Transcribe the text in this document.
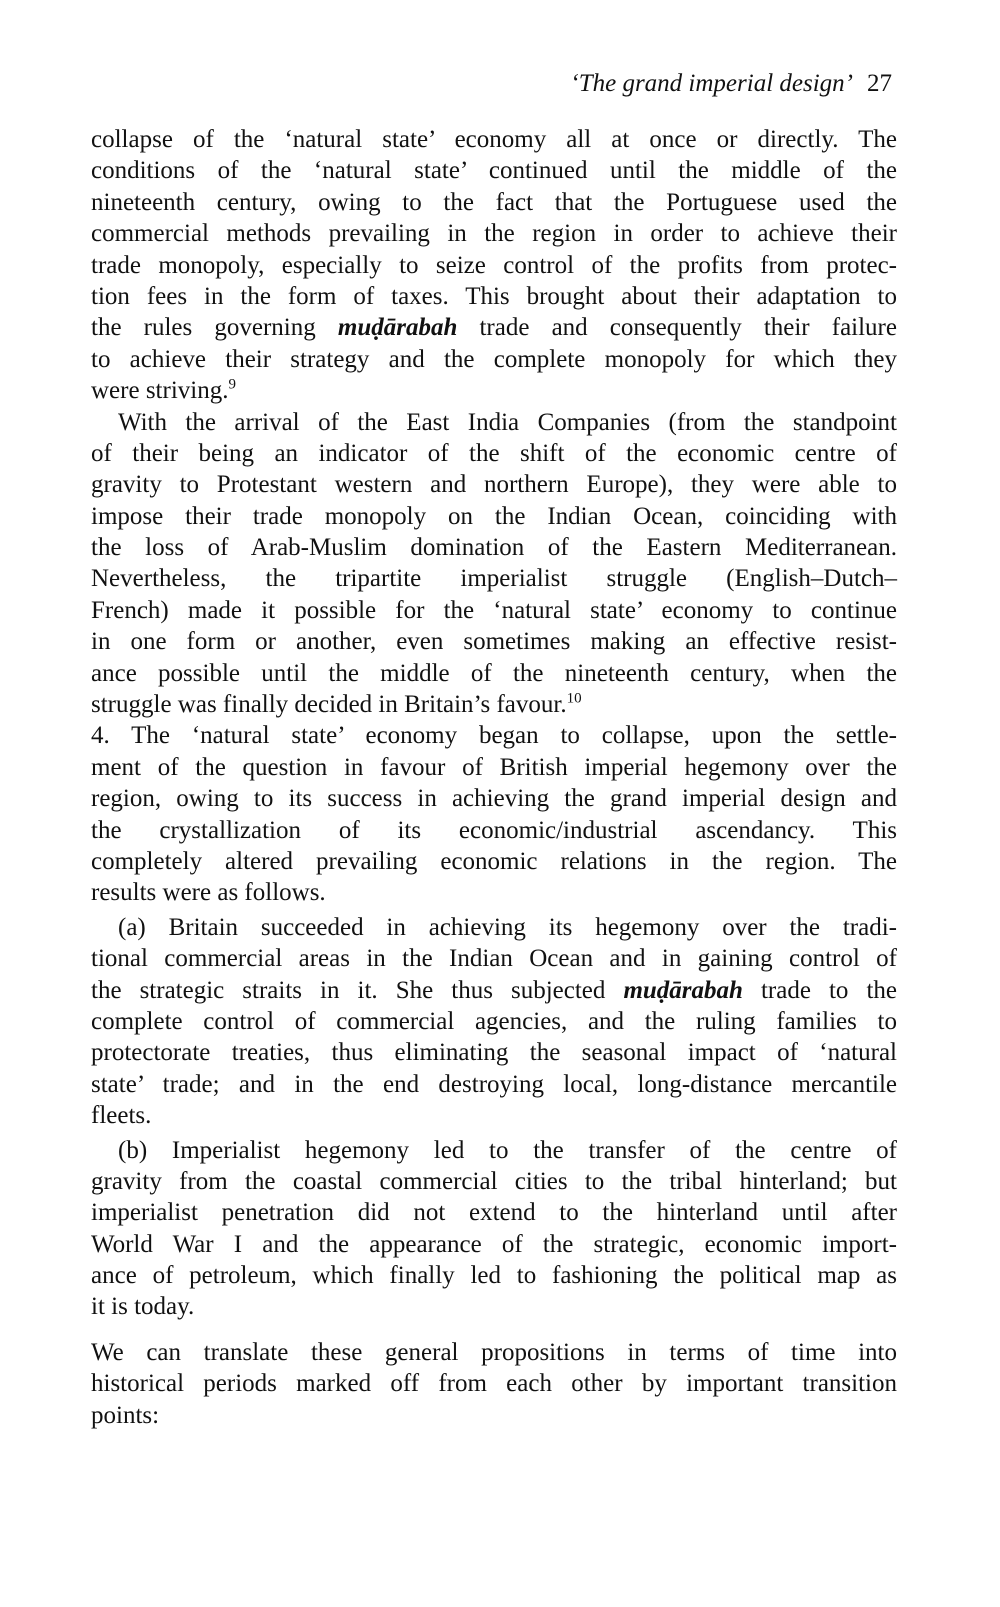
‘The grand imperial design’ 27
collapse of the ‘natural state’ economy all at once or directly. The
conditions of the ‘natural state’ continued until the middle of the
nineteenth century, owing to the fact that the Portuguese used the
commercial methods prevailing in the region in order to achieve their
trade monopoly, especially to seize control of the profits from protec-
tion fees in the form of taxes. This brought about their adaptation to
the rules governing muḍārabah trade and consequently their failure
to achieve their strategy and the complete monopoly for which they
were striving.$^9$
With the arrival of the East India Companies (from the standpoint
of their being an indicator of the shift of the economic centre of
gravity to Protestant western and northern Europe), they were able to
impose their trade monopoly on the Indian Ocean, coinciding with
the loss of Arab-Muslim domination of the Eastern Mediterranean.
Nevertheless, the tripartite imperialist struggle (English–Dutch–
French) made it possible for the ‘natural state’ economy to continue
in one form or another, even sometimes making an effective resist-
ance possible until the middle of the nineteenth century, when the
struggle was finally decided in Britain’s favour.$^{10}$
4. The ‘natural state’ economy began to collapse, upon the settle-
ment of the question in favour of British imperial hegemony over the
region, owing to its success in achieving the grand imperial design and
the crystallization of its economic/industrial ascendancy. This
completely altered prevailing economic relations in the region. The
results were as follows.
(a) Britain succeeded in achieving its hegemony over the tradi-
tional commercial areas in the Indian Ocean and in gaining control of
the strategic straits in it. She thus subjected muḍārabah trade to the
complete control of commercial agencies, and the ruling families to
protectorate treaties, thus eliminating the seasonal impact of ‘natural
state’ trade; and in the end destroying local, long-distance mercantile
fleets.
(b) Imperialist hegemony led to the transfer of the centre of
gravity from the coastal commercial cities to the tribal hinterland; but
imperialist penetration did not extend to the hinterland until after
World War I and the appearance of the strategic, economic import-
ance of petroleum, which finally led to fashioning the political map as
it is today.
We can translate these general propositions in terms of time into
historical periods marked off from each other by important transition
points:
